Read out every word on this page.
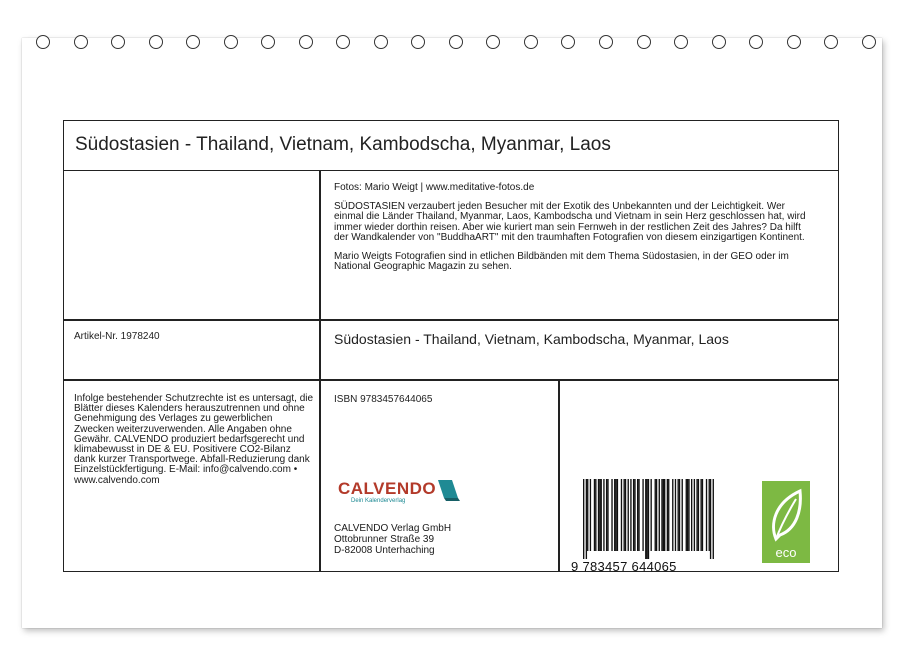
Südostasien - Thailand, Vietnam, Kambodscha, Myanmar, Laos

Fotos: Mario Weigt | www.meditative-fotos.de

SÜDOSTASIEN verzaubert jeden Besucher mit der Exotik des Unbekannten und der Leichtigkeit. Wer einmal die Länder Thailand, Myanmar, Laos, Kambodscha und Vietnam in sein Herz geschlossen hat, wird immer wieder dorthin reisen. Aber wie kuriert man sein Fernweh in der restlichen Zeit des Jahres? Da hilft der Wandkalender von "BuddhaART" mit den traumhaften Fotografien von diesem einzigartigen Kontinent.

Mario Weigts Fotografien sind in etlichen Bildbänden mit dem Thema Südostasien, in der GEO oder im National Geographic Magazin zu sehen.

Artikel-Nr. 1978240	Südostasien - Thailand, Vietnam, Kambodscha, Myanmar, Laos
Infolge bestehender Schutzrechte ist es untersagt, die Blätter dieses Kalenders herauszutrennen und ohne Genehmigung des Verlages zu gewerblichen Zwecken weiterzuverwenden. Alle Angaben ohne Gewähr. CALVENDO produziert bedarfsgerecht und klimabewusst in DE & EU. Positivere CO2-Bilanz dank kurzer Transportwege. Abfall-Reduzierung dank Einzelstückfertigung. E-Mail: info@calvendo.com • www.calvendo.com
ISBN 9783457644065
CALVENDO
Dein Kalenderverlag
CALVENDO Verlag GmbH
Ottobrunner Straße 39
D-82008 Unterhaching
9 783457 644065
eco
